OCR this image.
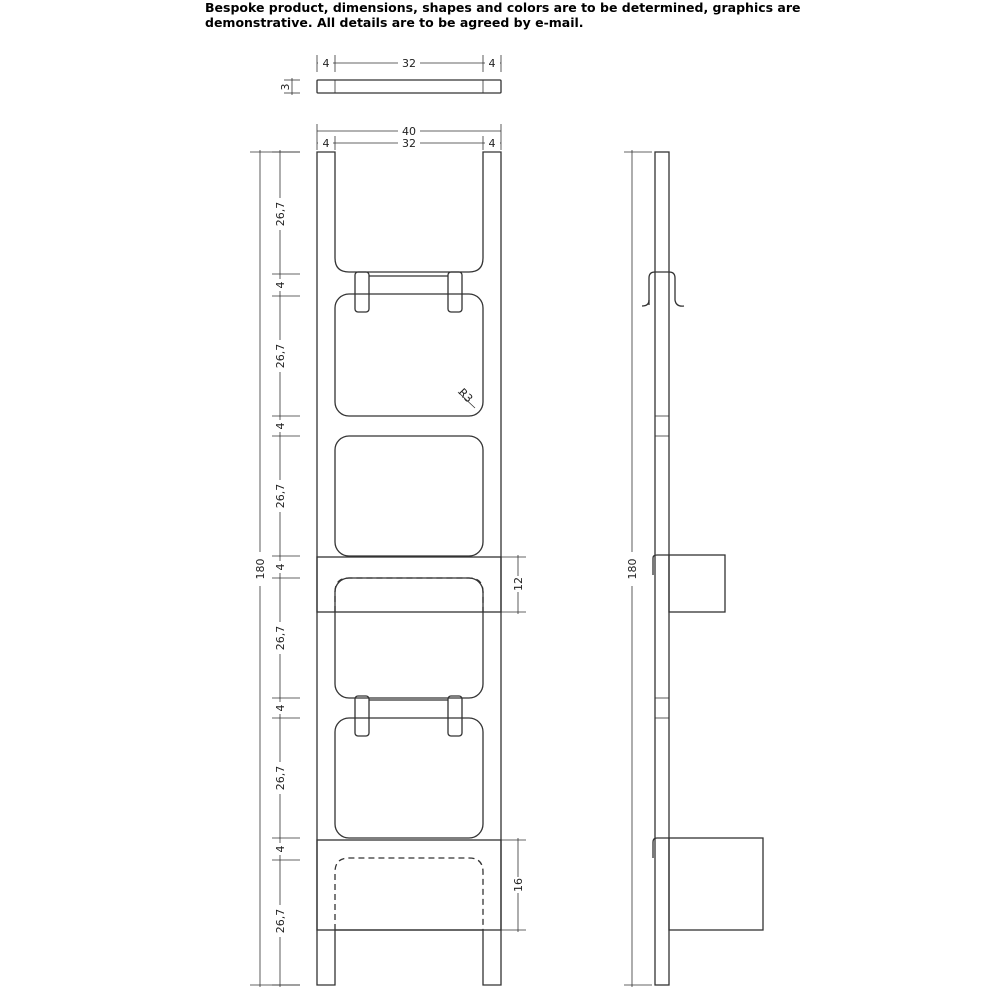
Bespoke product, dimensions, shapes and colors are to be determined, graphics are
demonstrative. All details are to be agreed by e-mail.
4	32	4
3
40
4	32	4
R3
180
26,7
4
26,7
4
26,7
4
26,7
4
26,7
4
26,7
12
16
180
